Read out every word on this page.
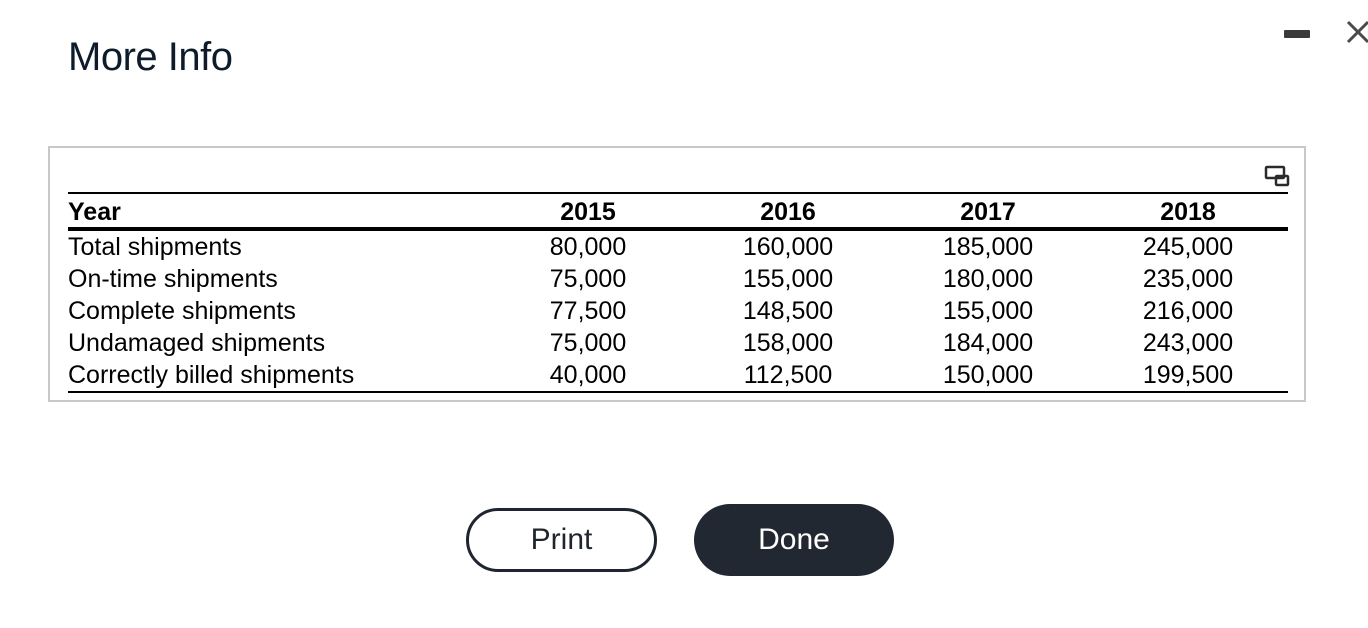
More Info
Year	2015	2016	2017	2018
Total shipments	80,000	160,000	185,000	245,000
On-time shipments	75,000	155,000	180,000	235,000
Complete shipments	77,500	148,500	155,000	216,000
Undamaged shipments	75,000	158,000	184,000	243,000
Correctly billed shipments	40,000	112,500	150,000	199,500
Print	Done
